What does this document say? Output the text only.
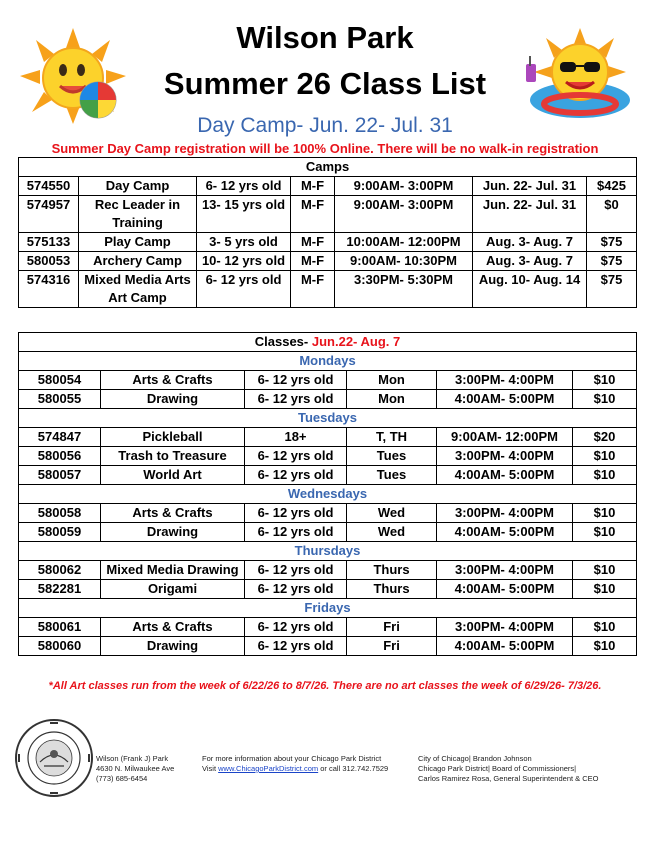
Wilson Park
Summer 26 Class List
Day Camp- Jun. 22- Jul. 31
Summer Day Camp registration will be 100% Online. There will be no walk-in registration
Camps						
574550	Day Camp	6- 12 yrs old	M-F	9:00AM- 3:00PM	Jun. 22- Jul. 31	$425
574957	Rec Leader in Training	13- 15 yrs old	M-F	9:00AM- 3:00PM	Jun. 22- Jul. 31	$0
575133	Play Camp	3- 5 yrs old	M-F	10:00AM- 12:00PM	Aug. 3- Aug. 7	$75
580053	Archery Camp	10- 12 yrs old	M-F	9:00AM- 10:30PM	Aug. 3- Aug. 7	$75
574316	Mixed Media Arts Art Camp	6- 12 yrs old	M-F	3:30PM- 5:30PM	Aug. 10- Aug. 14	$75
Classes- Jun.22- Aug. 7					
Mondays					
580054	Arts & Crafts	6- 12 yrs old	Mon	3:00PM- 4:00PM	$10
580055	Drawing	6- 12 yrs old	Mon	4:00AM- 5:00PM	$10
Tuesdays					
574847	Pickleball	18+	T, TH	9:00AM- 12:00PM	$20
580056	Trash to Treasure	6- 12 yrs old	Tues	3:00PM- 4:00PM	$10
580057	World Art	6- 12 yrs old	Tues	4:00AM- 5:00PM	$10
Wednesdays					
580058	Arts & Crafts	6- 12 yrs old	Wed	3:00PM- 4:00PM	$10
580059	Drawing	6- 12 yrs old	Wed	4:00AM- 5:00PM	$10
Thursdays					
580062	Mixed Media Drawing	6- 12 yrs old	Thurs	3:00PM- 4:00PM	$10
582281	Origami	6- 12 yrs old	Thurs	4:00AM- 5:00PM	$10
Fridays					
580061	Arts & Crafts	6- 12 yrs old	Fri	3:00PM- 4:00PM	$10
580060	Drawing	6- 12 yrs old	Fri	4:00AM- 5:00PM	$10
*All Art classes run from the week of 6/22/26 to 8/7/26. There are no art classes the week of 6/29/26- 7/3/26.
Wilson (Frank J) Park
4630 N. Milwaukee Ave
(773) 685-6454
For more information about your Chicago Park District
Visit www.ChicagoParkDistrict.com or call 312.742.7529
City of Chicago| Brandon Johnson
Chicago Park District| Board of Commissioners|
Carlos Ramirez Rosa, General Superintendent & CEO
